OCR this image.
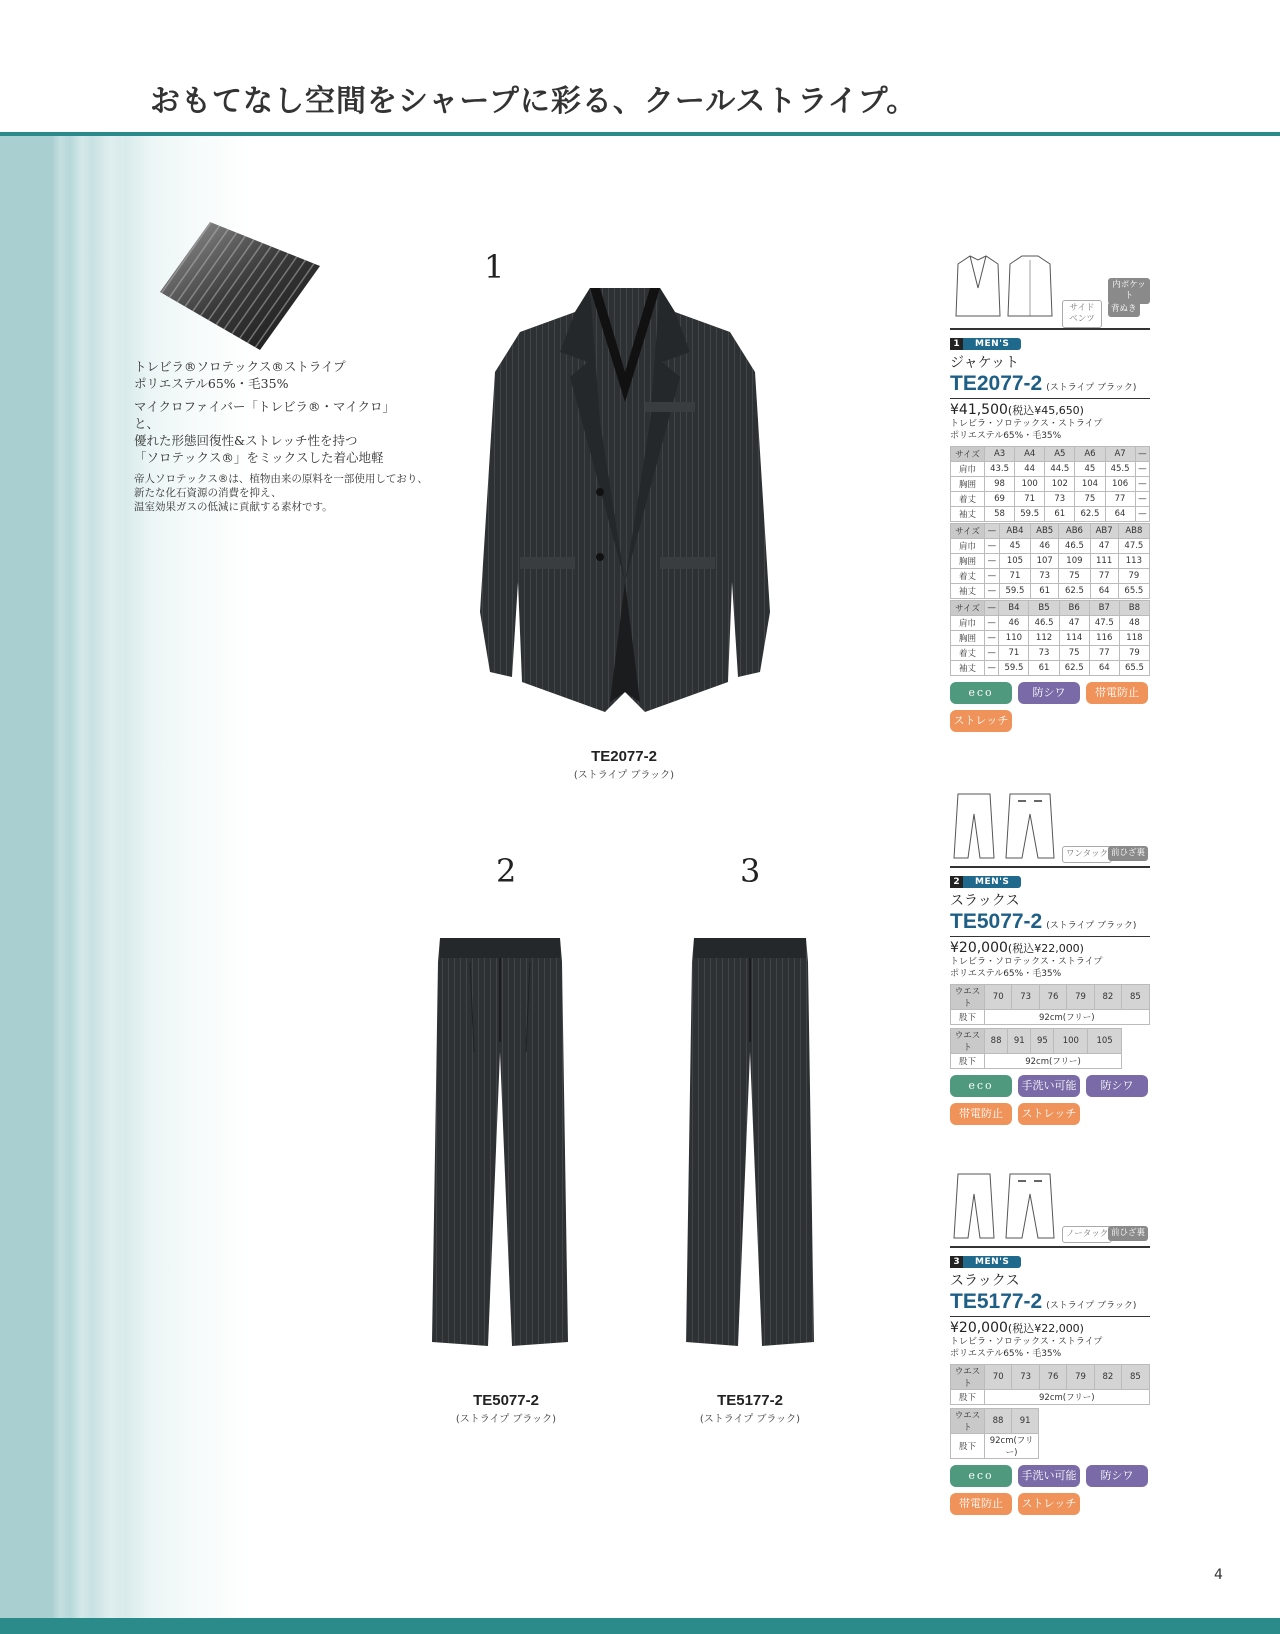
おもてなし空間をシャープに彩る、クールストライプ。

トレビラ®ソロテックス®ストライプ
ポリエステル65%・毛35%

マイクロファイバー「トレビラ®・マイクロ」
と、
優れた形態回復性&ストレッチ性を持つ
「ソロテックス®」をミックスした着心地軽

帝人ソロテックス®は、植物由来の原料を一部使用しており、
新たな化石資源の消費を抑え、
温室効果ガスの低減に貢献する素材です。

1
TE2077-2
(ストライプ ブラック)
2
TE5077-2
(ストライプ ブラック)
3
TE5177-2
(ストライプ ブラック)
内ポケット
サイドベンツ
背ぬき
1	MEN'S
ジャケット
TE2077-2 (ストライプ ブラック)
¥41,500(税込¥45,650)
トレビラ・ソロテックス・ストライプ
ポリエステル65%・毛35%
サイズ	A3	A4	A5	A6	A7	—
肩巾	43.5	44	44.5	45	45.5	—
胸囲	98	100	102	104	106	—
着丈	69	71	73	75	77	—
袖丈	58	59.5	61	62.5	64	—
サイズ	—	AB4	AB5	AB6	AB7	AB8
肩巾	—	45	46	46.5	47	47.5
胸囲	—	105	107	109	111	113
着丈	—	71	73	75	77	79
袖丈	—	59.5	61	62.5	64	65.5
サイズ	—	B4	B5	B6	B7	B8
肩巾	—	46	46.5	47	47.5	48
胸囲	—	110	112	114	116	118
着丈	—	71	73	75	77	79
袖丈	—	59.5	61	62.5	64	65.5
eco	防シワ	帯電防止
ストレッチ
ワンタック 前ひざ裏
2	MEN'S
スラックス
TE5077-2 (ストライプ ブラック)
¥20,000(税込¥22,000)
トレビラ・ソロテックス・ストライプ
ポリエステル65%・毛35%
ウエスト	70	73	76	79	82	85
股下	92cm(フリー)					
ウエスト	88	91	95	100	105
股下	92cm(フリー)				
eco	手洗い可能	防シワ
帯電防止	ストレッチ
ノータック 前ひざ裏
3	MEN'S
スラックス
TE5177-2 (ストライプ ブラック)
¥20,000(税込¥22,000)
トレビラ・ソロテックス・ストライプ
ポリエステル65%・毛35%
ウエスト	70	73	76	79	82	85
股下	92cm(フリー)					
ウエスト	88	91
股下	92cm(フリー)	
eco	手洗い可能	防シワ
帯電防止	ストレッチ
4
